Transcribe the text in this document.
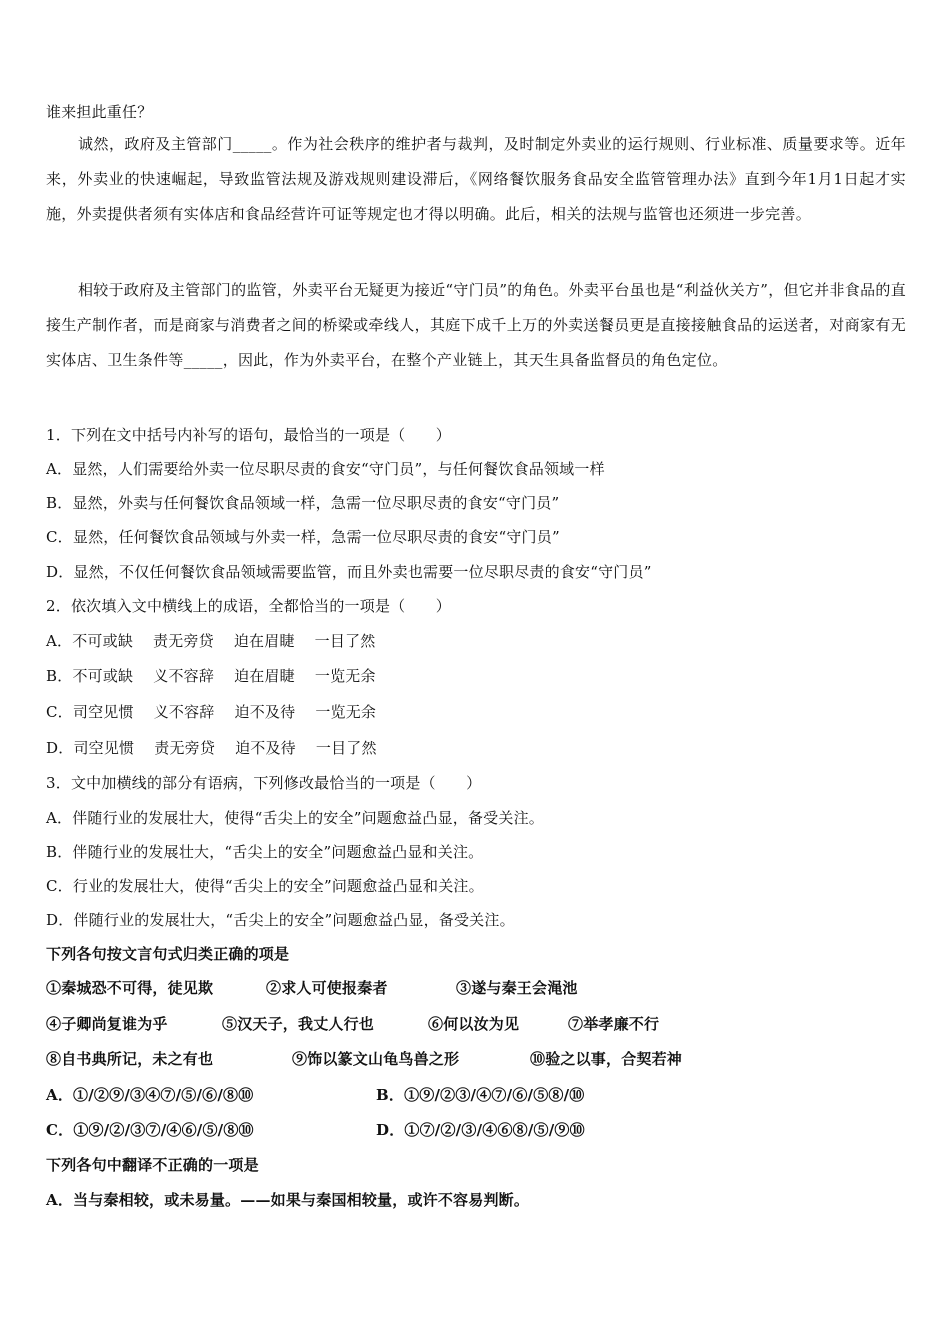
谁来担此重任？
诚然，政府及主管部门_____。作为社会秩序的维护者与裁判，及时制定外卖业的运行规则、行业标准、质量要求等。近年来，外卖业的快速崛起，导致监管法规及游戏规则建设滞后，《网络餐饮服务食品安全监管管理办法》直到今年1月1日起才实施，外卖提供者须有实体店和食品经营许可证等规定也才得以明确。此后，相关的法规与监管也还须进一步完善。
相较于政府及主管部门的监管，外卖平台无疑更为接近“守门员”的角色。外卖平台虽也是“利益伙关方”，但它并非食品的直接生产制作者，而是商家与消费者之间的桥梁或牵线人，其庭下成千上万的外卖送餐员更是直接接触食品的运送者，对商家有无实体店、卫生条件等_____，因此，作为外卖平台，在整个产业链上，其天生具备监督员的角色定位。
1．下列在文中括号内补写的语句，最恰当的一项是（　　）
A．显然，人们需要给外卖一位尽职尽责的食安“守门员”，与任何餐饮食品领域一样
B．显然，外卖与任何餐饮食品领域一样，急需一位尽职尽责的食安“守门员”
C．显然，任何餐饮食品领域与外卖一样，急需一位尽职尽责的食安“守门员”
D．显然，不仅任何餐饮食品领域需要监管，而且外卖也需要一位尽职尽责的食安“守门员”
2．依次填入文中横线上的成语，全都恰当的一项是（　　）
A．不可或缺 责无旁贷 迫在眉睫 一目了然
B．不可或缺 义不容辞 迫在眉睫 一览无余
C．司空见惯 义不容辞 迫不及待 一览无余
D．司空见惯 责无旁贷 迫不及待 一目了然
3．文中加横线的部分有语病，下列修改最恰当的一项是（　　）
A．伴随行业的发展壮大，使得“舌尖上的安全”问题愈益凸显，备受关注。
B．伴随行业的发展壮大，“舌尖上的安全”问题愈益凸显和关注。
C．行业的发展壮大，使得“舌尖上的安全”问题愈益凸显和关注。
D．伴随行业的发展壮大，“舌尖上的安全”问题愈益凸显，备受关注。
下列各句按文言句式归类正确的项是
①秦城恐不可得，徒见欺	②求人可使报秦者	③遂与秦王会渑池
④子卿尚复谁为乎	⑤汉天子，我丈人行也	⑥何以汝为见	⑦举孝廉不行
⑧自书典所记，未之有也	⑨饰以篆文山龟鸟兽之形	⑩验之以事，合契若神
A．①/②⑨/③④⑦/⑤/⑥/⑧⑩	B．①⑨/②③/④⑦/⑥/⑤⑧/⑩
C．①⑨/②/③⑦/④⑥/⑤/⑧⑩	D．①⑦/②/③/④⑥⑧/⑤/⑨⑩
下列各句中翻译不正确的一项是
A．当与秦相较，或未易量。——如果与秦国相较量，或许不容易判断。
